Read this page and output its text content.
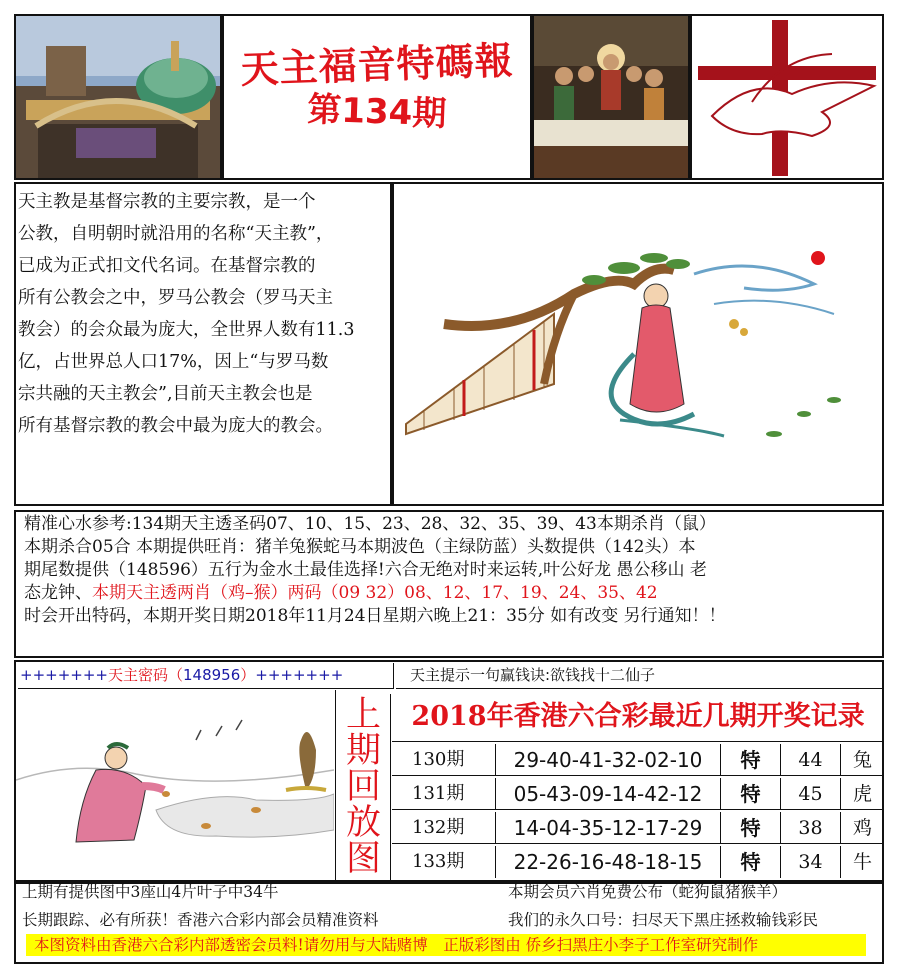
天主福音特碼報
第134期
天主教是基督宗教的主要宗教，是一个
公教，自明朝时就沿用的名称“天主教”，
已成为正式扣文代名词。在基督宗教的
所有公教会之中，罗马公教会（罗马天主
教会）的会众最为庞大，全世界人数有11.3
亿，占世界总人口17%，因上“与罗马数
宗共融的天主教会”,目前天主教会也是
所有基督宗教的教会中最为庞大的教会。
精准心水参考:134期天主透圣码07、10、15、23、28、32、35、39、43本期杀肖（鼠）
本期杀合05合 本期提供旺肖：猪羊兔猴蛇马本期波色（主绿防蓝）头数提供（142头）本
期尾数提供（148596）五行为金水土最佳选择!六合无绝对时来运转,叶公好龙 愚公移山 老
态龙钟、本期天主透两肖（鸡–猴）两码（09 32）08、12、17、19、24、35、42
时会开出特码，本期开奖日期2018年11月24日星期六晚上21：35分 如有改变 另行通知！！
+++++++天主密码（148956）+++++++	天主提示一句赢钱诀:欲钱找十二仙子
上
期
回
放
图
2018年香港六合彩最近几期开奖记录
130期	29-40-41-32-02-10	特	44	兔
131期	05-43-09-14-42-12	特	45	虎
132期	14-04-35-12-17-29	特	38	鸡
133期	22-26-16-48-18-15	特	34	牛
上期有提供图中3座山4片叶子中34牛	本期会员六肖免费公布（蛇狗鼠猪猴羊）
长期跟踪、必有所获！香港六合彩内部会员精准资料	我们的永久口号：扫尽天下黑庄拯救输钱彩民
本图资料由香港六合彩内部透密会员料!请勿用与大陆赌博　正版彩图由 侨乡扫黑庄小李子工作室研究制作
